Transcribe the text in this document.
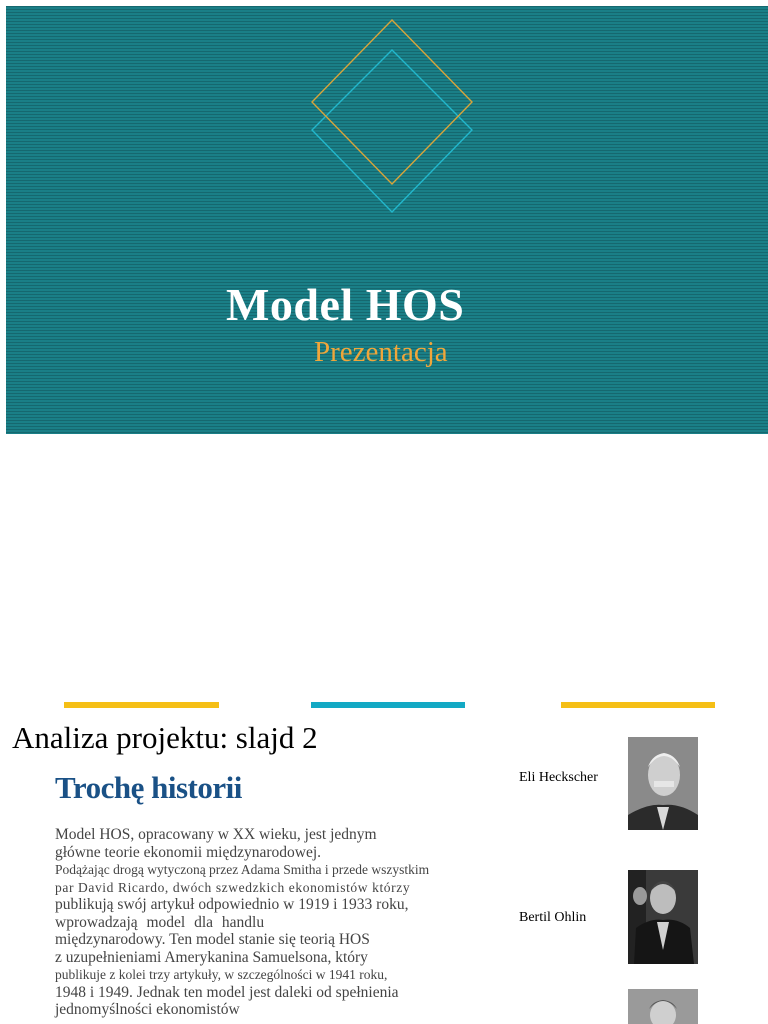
Model HOS
Prezentacja
Analiza projektu: slajd 2
Trochę historii
Model HOS, opracowany w XX wieku, jest jednym
główne teorie ekonomii międzynarodowej.
Podążając drogą wytyczoną przez Adama Smitha i przede wszystkim
par David Ricardo, dwóch szwedzkich ekonomistów którzy
publikują swój artykuł odpowiednio w 1919 i 1933 roku,
wprowadzają model dla handlu
międzynarodowy. Ten model stanie się teorią HOS
z uzupełnieniami Amerykanina Samuelsona, który
publikuje z kolei trzy artykuły, w szczególności w 1941 roku,
1948 i 1949. Jednak ten model jest daleki od spełnienia
jednomyślności ekonomistów
Eli Heckscher
Bertil Ohlin
